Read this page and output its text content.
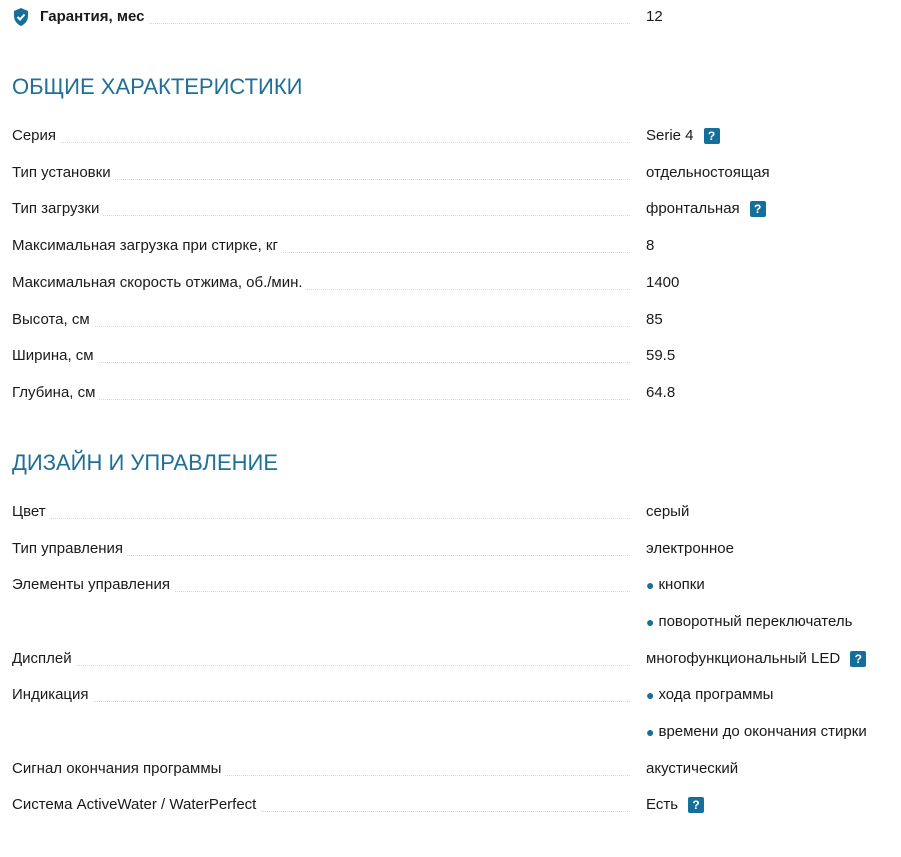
Гарантия, мес	12
ОБЩИЕ ХАРАКТЕРИСТИКИ
Серия	Serie 4	?
Тип установки	отдельностоящая
Тип загрузки	фронтальная	?
Максимальная загрузка при стирке, кг	8
Максимальная скорость отжима, об./мин.	1400
Высота, см	85
Ширина, см	59.5
Глубина, см	64.8
ДИЗАЙН И УПРАВЛЕНИЕ
Цвет	серый
Тип управления	электронное
Элементы управления	● кнопки
● поворотный переключатель
Дисплей	многофункциональный LED	?
Индикация	● хода программы
● времени до окончания стирки
Сигнал окончания программы	акустический
Система ActiveWater / WaterPerfect	Есть	?
